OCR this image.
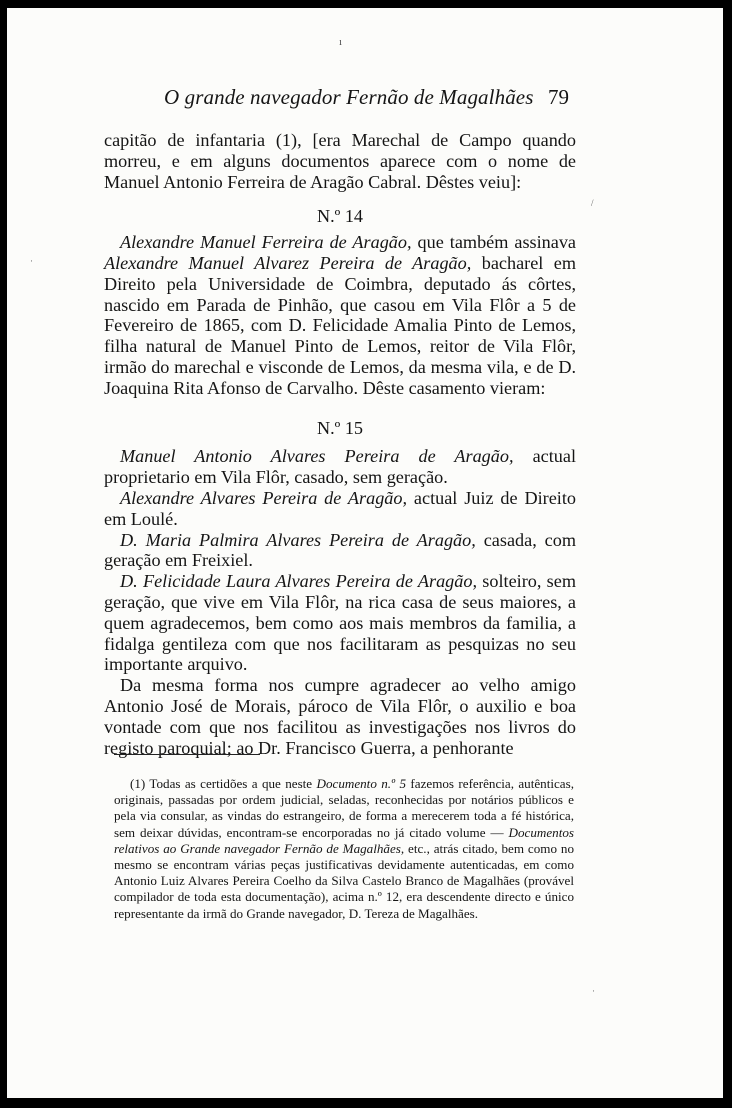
ı
O grande navegador Fernão de Magalhães 79

capitão de infantaria (1), [era Marechal de Campo quando morreu, e em alguns documentos aparece com o nome de Manuel Antonio Ferreira de Aragão Cabral. Dêstes veiu]:

N.º 14

Alexandre Manuel Ferreira de Aragão, que também assinava Alexandre Manuel Alvarez Pereira de Aragão, bacharel em Direito pela Universidade de Coimbra, deputado ás côrtes, nascido em Parada de Pinhão, que casou em Vila Flôr a 5 de Fevereiro de 1865, com D. Felicidade Amalia Pinto de Lemos, filha natural de Manuel Pinto de Lemos, reitor de Vila Flôr, irmão do marechal e visconde de Lemos, da mesma vila, e de D. Joaquina Rita Afonso de Carvalho. Dêste casamento vieram:

N.º 15

Manuel Antonio Alvares Pereira de Aragão, actual proprietario em Vila Flôr, casado, sem geração.

Alexandre Alvares Pereira de Aragão, actual Juiz de Direito em Loulé.

D. Maria Palmira Alvares Pereira de Aragão, casada, com geração em Freixiel.

D. Felicidade Laura Alvares Pereira de Aragão, solteiro, sem geração, que vive em Vila Flôr, na rica casa de seus maiores, a quem agradecemos, bem como aos mais membros da familia, a fidalga gentileza com que nos facilitaram as pesquizas no seu importante arquivo.

Da mesma forma nos cumpre agradecer ao velho amigo Antonio José de Morais, pároco de Vila Flôr, o auxilio e boa vontade com que nos facilitou as investigações nos livros do registo paroquial; ao Dr. Francisco Guerra, a penhorante

(1) Todas as certidões a que neste Documento n.º 5 fazemos referência, autênticas, originais, passadas por ordem judicial, seladas, reconhecidas por notários públicos e pela via consular, as vindas do estrangeiro, de forma a merecerem toda a fé histórica, sem deixar dúvidas, encontram-se encorporadas no já citado volume — Documentos relativos ao Grande navegador Fernão de Magalhães, etc., atrás citado, bem como no mesmo se encontram várias peças justificativas devidamente autenticadas, em como Antonio Luiz Alvares Pereira Coelho da Silva Castelo Branco de Magalhães (provável compilador de toda esta documentação), acima n.º 12, era descendente directo e único representante da irmã do Grande navegador, D. Tereza de Magalhães.

·
·
/
